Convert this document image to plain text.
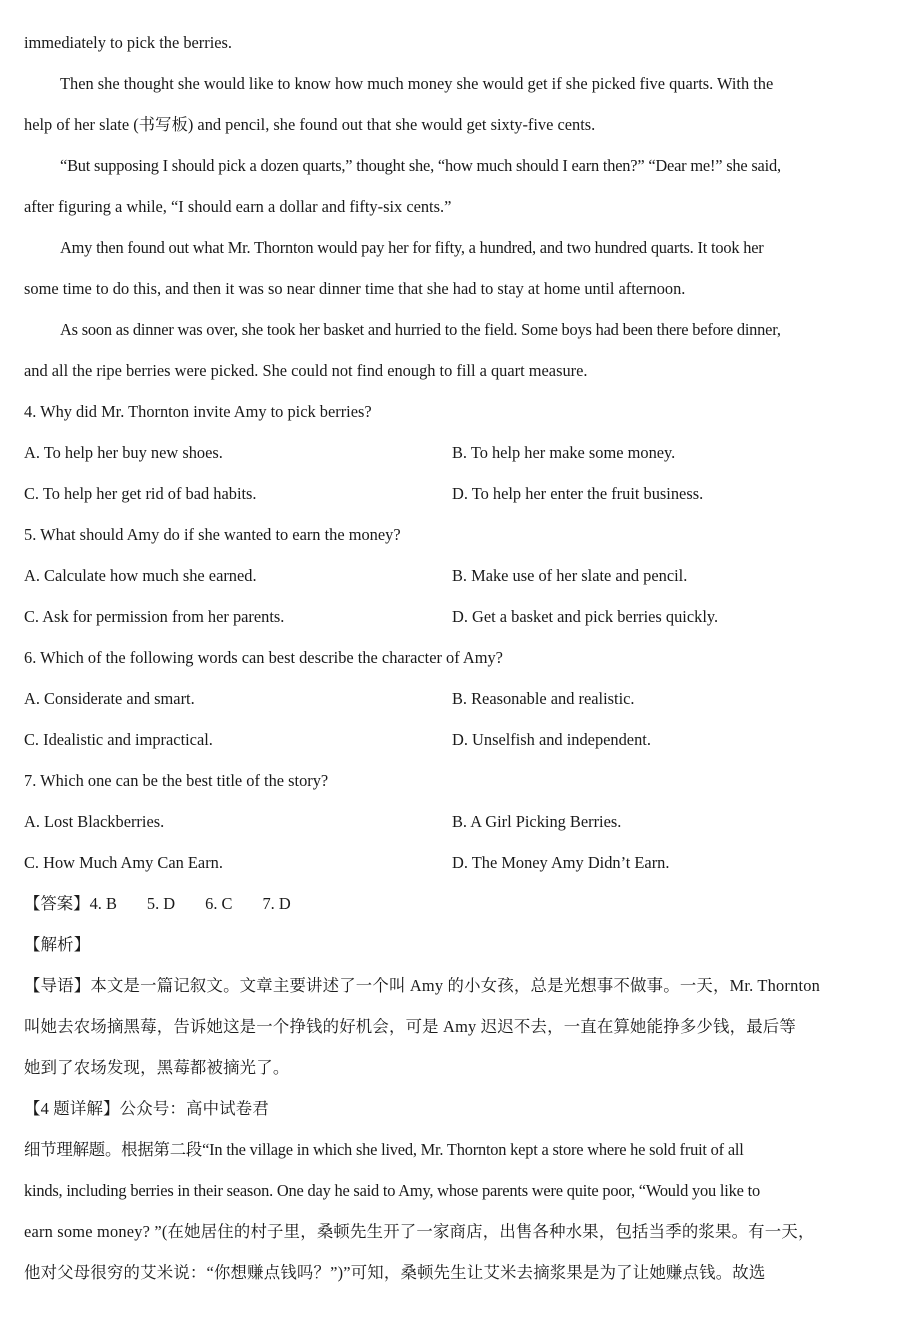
immediately to pick the berries.
Then she thought she would like to know how much money she would get if she picked five quarts. With the
help of her slate (书写板) and pencil, she found out that she would get sixty-five cents.
“But supposing I should pick a dozen quarts,” thought she, “how much should I earn then?” “Dear me!” she said,
after figuring a while, “I should earn a dollar and fifty-six cents.”
Amy then found out what Mr. Thornton would pay her for fifty, a hundred, and two hundred quarts. It took her
some time to do this, and then it was so near dinner time that she had to stay at home until afternoon.
As soon as dinner was over, she took her basket and hurried to the field. Some boys had been there before dinner,
and all the ripe berries were picked. She could not find enough to fill a quart measure.
4. Why did Mr. Thornton invite Amy to pick berries?
A. To help her buy new shoes.	B. To help her make some money.
C. To help her get rid of bad habits.	D. To help her enter the fruit business.
5. What should Amy do if she wanted to earn the money?
A. Calculate how much she earned.	B. Make use of her slate and pencil.
C. Ask for permission from her parents.	D. Get a basket and pick berries quickly.
6. Which of the following words can best describe the character of Amy?
A. Considerate and smart.	B. Reasonable and realistic.
C. Idealistic and impractical.	D. Unselfish and independent.
7. Which one can be the best title of the story?
A. Lost Blackberries.	B. A Girl Picking Berries.
C. How Much Amy Can Earn.	D. The Money Amy Didn’t Earn.
【答案】4. B 5. D 6. C 7. D
【解析】
【导语】本文是一篇记叙文。文章主要讲述了一个叫 Amy 的小女孩，总是光想事不做事。一天，Mr. Thornton
叫她去农场摘黑莓，告诉她这是一个挣钱的好机会，可是 Amy 迟迟不去，一直在算她能挣多少钱，最后等
她到了农场发现，黑莓都被摘光了。
【4 题详解】公众号：高中试卷君
细节理解题。根据第二段“In the village in which she lived, Mr. Thornton kept a store where he sold fruit of all
kinds, including berries in their season. One day he said to Amy, whose parents were quite poor, “Would you like to
earn some money? ”(在她居住的村子里，桑顿先生开了一家商店，出售各种水果，包括当季的浆果。有一天，
他对父母很穷的艾米说：“你想赚点钱吗？”)”可知，桑顿先生让艾米去摘浆果是为了让她赚点钱。故选
